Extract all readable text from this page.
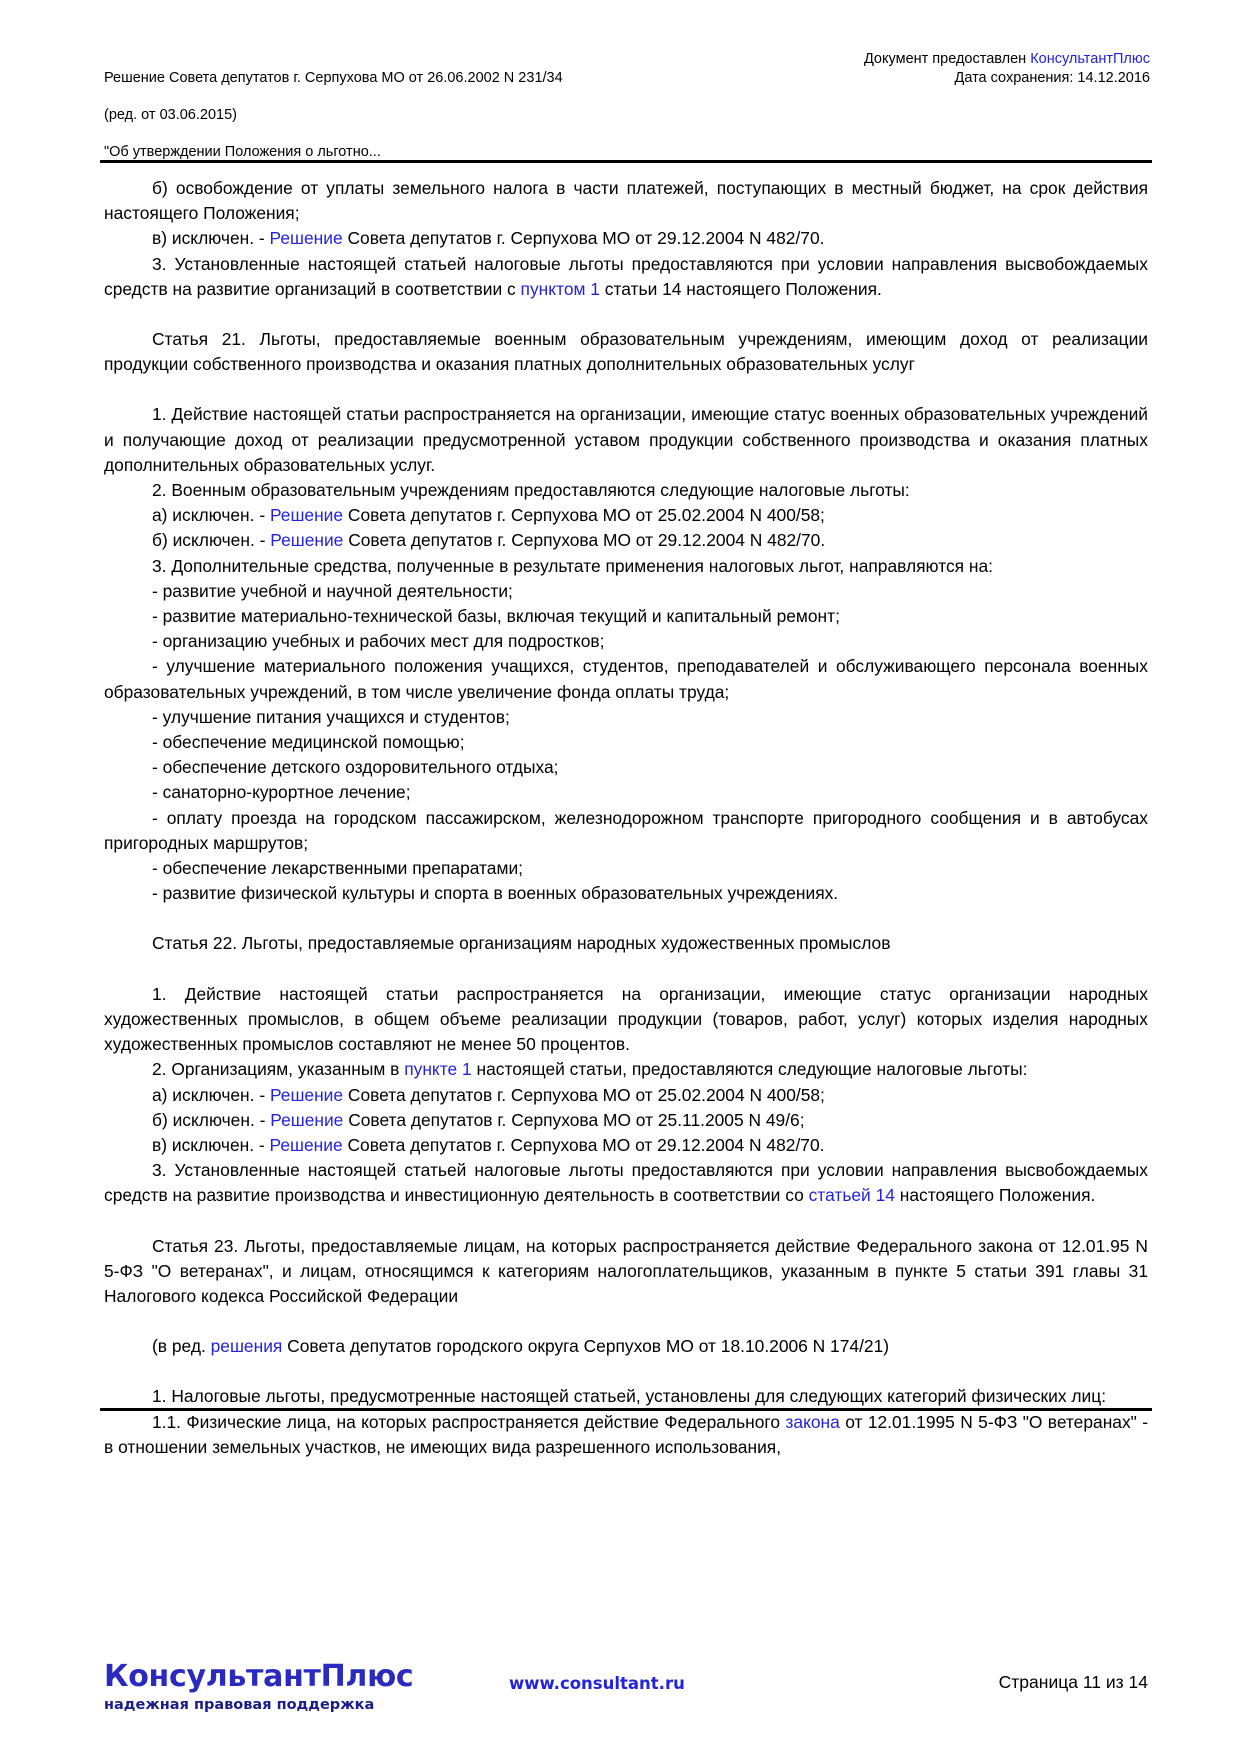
Решение Совета депутатов г. Серпухова МО от 26.06.2002 N 231/34

(ред. от 03.06.2015)

"Об утверждении Положения о льготно...

Документ предоставлен КонсультантПлюс
Дата сохранения: 14.12.2016

б) освобождение от уплаты земельного налога в части платежей, поступающих в местный бюджет, на срок действия настоящего Положения;

в) исключен. - Решение Совета депутатов г. Серпухова МО от 29.12.2004 N 482/70.

3. Установленные настоящей статьей налоговые льготы предоставляются при условии направления высвобождаемых средств на развитие организаций в соответствии с пунктом 1 статьи 14 настоящего Положения.

Статья 21. Льготы, предоставляемые военным образовательным учреждениям, имеющим доход от реализации продукции собственного производства и оказания платных дополнительных образовательных услуг

1. Действие настоящей статьи распространяется на организации, имеющие статус военных образовательных учреждений и получающие доход от реализации предусмотренной уставом продукции собственного производства и оказания платных дополнительных образовательных услуг.

2. Военным образовательным учреждениям предоставляются следующие налоговые льготы:

а) исключен. - Решение Совета депутатов г. Серпухова МО от 25.02.2004 N 400/58;

б) исключен. - Решение Совета депутатов г. Серпухова МО от 29.12.2004 N 482/70.

3. Дополнительные средства, полученные в результате применения налоговых льгот, направляются на:

- развитие учебной и научной деятельности;

- развитие материально-технической базы, включая текущий и капитальный ремонт;

- организацию учебных и рабочих мест для подростков;

- улучшение материального положения учащихся, студентов, преподавателей и обслуживающего персонала военных образовательных учреждений, в том числе увеличение фонда оплаты труда;

- улучшение питания учащихся и студентов;

- обеспечение медицинской помощью;

- обеспечение детского оздоровительного отдыха;

- санаторно-курортное лечение;

- оплату проезда на городском пассажирском, железнодорожном транспорте пригородного сообщения и в автобусах пригородных маршрутов;

- обеспечение лекарственными препаратами;

- развитие физической культуры и спорта в военных образовательных учреждениях.

Статья 22. Льготы, предоставляемые организациям народных художественных промыслов

1. Действие настоящей статьи распространяется на организации, имеющие статус организации народных художественных промыслов, в общем объеме реализации продукции (товаров, работ, услуг) которых изделия народных художественных промыслов составляют не менее 50 процентов.

2. Организациям, указанным в пункте 1 настоящей статьи, предоставляются следующие налоговые льготы:

а) исключен. - Решение Совета депутатов г. Серпухова МО от 25.02.2004 N 400/58;

б) исключен. - Решение Совета депутатов г. Серпухова МО от 25.11.2005 N 49/6;

в) исключен. - Решение Совета депутатов г. Серпухова МО от 29.12.2004 N 482/70.

3. Установленные настоящей статьей налоговые льготы предоставляются при условии направления высвобождаемых средств на развитие производства и инвестиционную деятельность в соответствии со статьей 14 настоящего Положения.

Статья 23. Льготы, предоставляемые лицам, на которых распространяется действие Федерального закона от 12.01.95 N 5-ФЗ "О ветеранах", и лицам, относящимся к категориям налогоплательщиков, указанным в пункте 5 статьи 391 главы 31 Налогового кодекса Российской Федерации

(в ред. решения Совета депутатов городского округа Серпухов МО от 18.10.2006 N 174/21)

1. Налоговые льготы, предусмотренные настоящей статьей, установлены для следующих категорий физических лиц:

1.1. Физические лица, на которых распространяется действие Федерального закона от 12.01.1995 N 5-ФЗ "О ветеранах" - в отношении земельных участков, не имеющих вида разрешенного использования,

КонсультантПлюс
надежная правовая поддержка
www.consultant.ru	Страница 11 из 14
